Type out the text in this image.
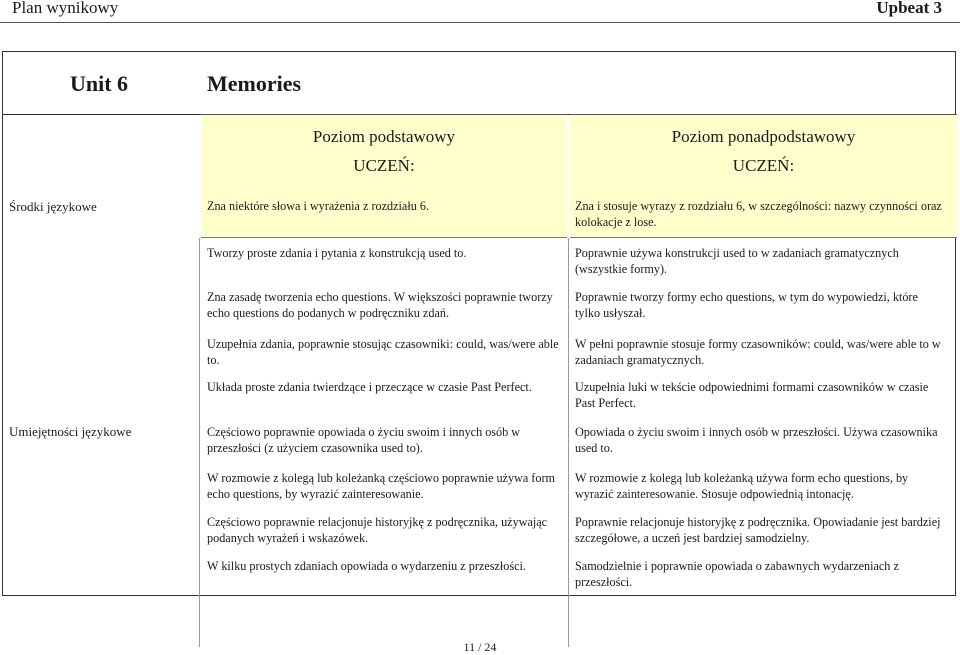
Plan wynikowy	Upbeat 3
Unit 6	Memories
Poziom podstawowy
UCZEŃ:
Poziom ponadpodstawowy
UCZEŃ:
Środki językowe
Umiejętności językowe
Zna niektóre słowa i wyrażenia z rozdziału 6.
Tworzy proste zdania i pytania z konstrukcją used to.
Zna zasadę tworzenia echo questions. W większości poprawnie tworzy echo questions do podanych w podręczniku zdań.
Uzupełnia zdania, poprawnie stosując czasowniki: could, was/were able to.
Układa proste zdania twierdzące i przeczące w czasie Past Perfect.
Częściowo poprawnie opowiada o życiu swoim i innych osób w przeszłości (z użyciem czasownika used to).
W rozmowie z kolegą lub koleżanką częściowo poprawnie używa form echo questions, by wyrazić zainteresowanie.
Częściowo poprawnie relacjonuje historyjkę z podręcznika, używając podanych wyrażeń i wskazówek.
W kilku prostych zdaniach opowiada o wydarzeniu z przeszłości.
Zna i stosuje wyrazy z rozdziału 6, w szczególności: nazwy czynności oraz kolokacje z lose.
Poprawnie używa konstrukcji used to w zadaniach gramatycznych (wszystkie formy).
Poprawnie tworzy formy echo questions, w tym do wypowiedzi, które tylko usłyszał.
W pełni poprawnie stosuje formy czasowników: could, was/were able to w zadaniach gramatycznych.
Uzupełnia luki w tekście odpowiednimi formami czasowników w czasie Past Perfect.
Opowiada o życiu swoim i innych osób w przeszłości. Używa czasownika used to.
W rozmowie z kolegą lub koleżanką używa form echo questions, by wyrazić zainteresowanie. Stosuje odpowiednią intonację.
Poprawnie relacjonuje historyjkę z podręcznika. Opowiadanie jest bardziej szczegółowe, a uczeń jest bardziej samodzielny.
Samodzielnie i poprawnie opowiada o zabawnych wydarzeniach z przeszłości.
11 / 24
